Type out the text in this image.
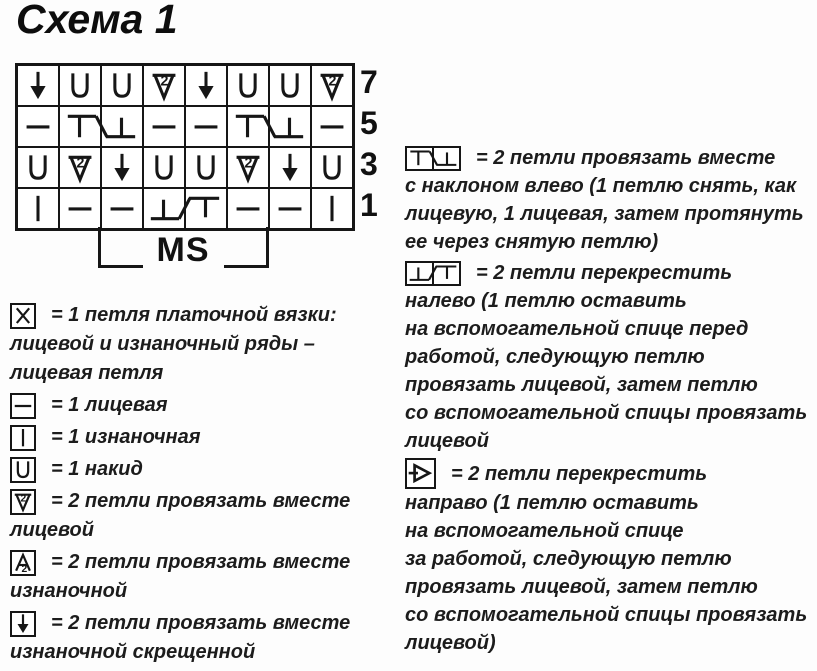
Схема 1
2	2
2	2
7
5
3
1
MS
= 1 петля платочной вязки:
лицевой и изнаночный ряды –
лицевая петля
= 1 лицевая
= 1 изнаночная
= 1 накид
2 = 2 петли провязать вместе
лицевой
2 = 2 петли провязать вместе
изнаночной
= 2 петли провязать вместе
изнаночной скрещенной
= 2 петли провязать вместе
с наклоном влево (1 петлю снять, как
лицевую, 1 лицевая, затем протянуть
ее через снятую петлю)
= 2 петли перекрестить
налево (1 петлю оставить
на вспомогательной спице перед
работой, следующую петлю
провязать лицевой, затем петлю
со вспомогательной спицы провязать
лицевой
= 2 петли перекрестить
направо (1 петлю оставить
на вспомогательной спице
за работой, следующую петлю
провязать лицевой, затем петлю
со вспомогательной спицы провязать
лицевой)
